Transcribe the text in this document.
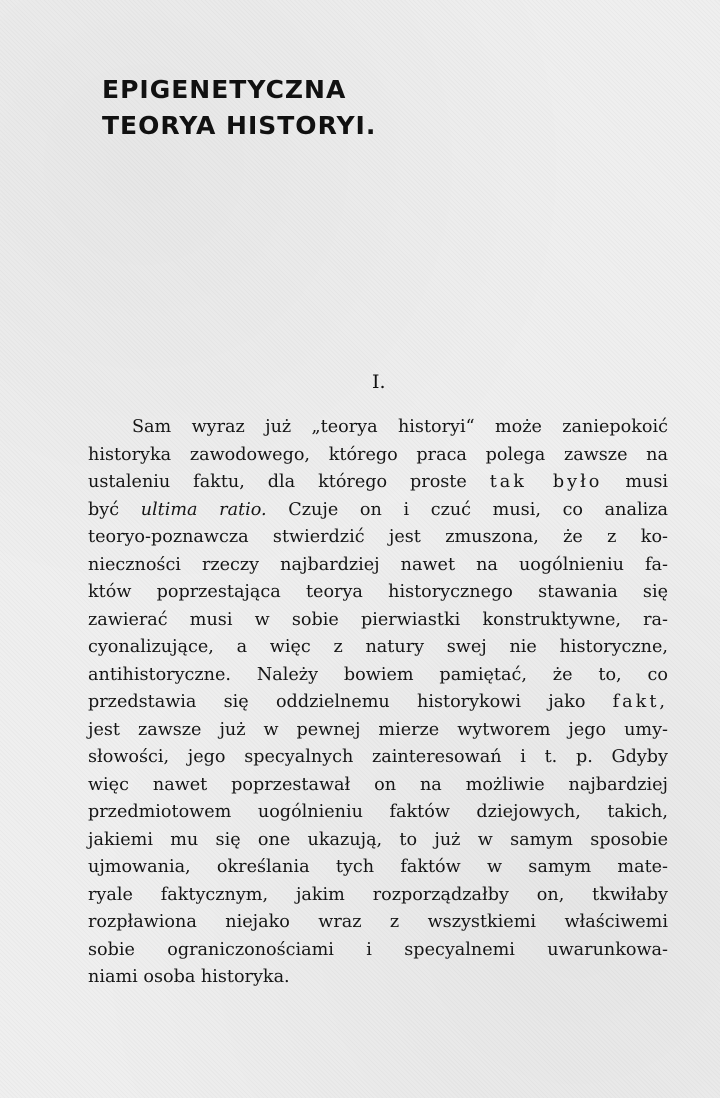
EPIGENETYCZNA
TEORYA HISTORYI.
I.
Sam wyraz już „teorya historyi“ może zaniepokoić
historyka zawodowego, którego praca polega zawsze na
ustaleniu faktu, dla którego proste tak było musi
być ultima ratio. Czuje on i czuć musi, co analiza
teoryo-poznawcza stwierdzić jest zmuszona, że z ko-
nieczności rzeczy najbardziej nawet na uogólnieniu fa-
któw poprzestająca teorya historycznego stawania się
zawierać musi w sobie pierwiastki konstruktywne, ra-
cyonalizujące, a więc z natury swej nie historyczne,
antihistoryczne. Należy bowiem pamiętać, że to, co
przedstawia się oddzielnemu historykowi jako fakt,
jest zawsze już w pewnej mierze wytworem jego umy-
słowości, jego specyalnych zainteresowań i t. p. Gdyby
więc nawet poprzestawał on na możliwie najbardziej
przedmiotowem uogólnieniu faktów dziejowych, takich,
jakiemi mu się one ukazują, to już w samym sposobie
ujmowania, określania tych faktów w samym mate-
ryale faktycznym, jakim rozporządzałby on, tkwiłaby
rozpławiona niejako wraz z wszystkiemi właściwemi
sobie ograniczonościami i specyalnemi uwarunkowa-
niami osoba historyka.
